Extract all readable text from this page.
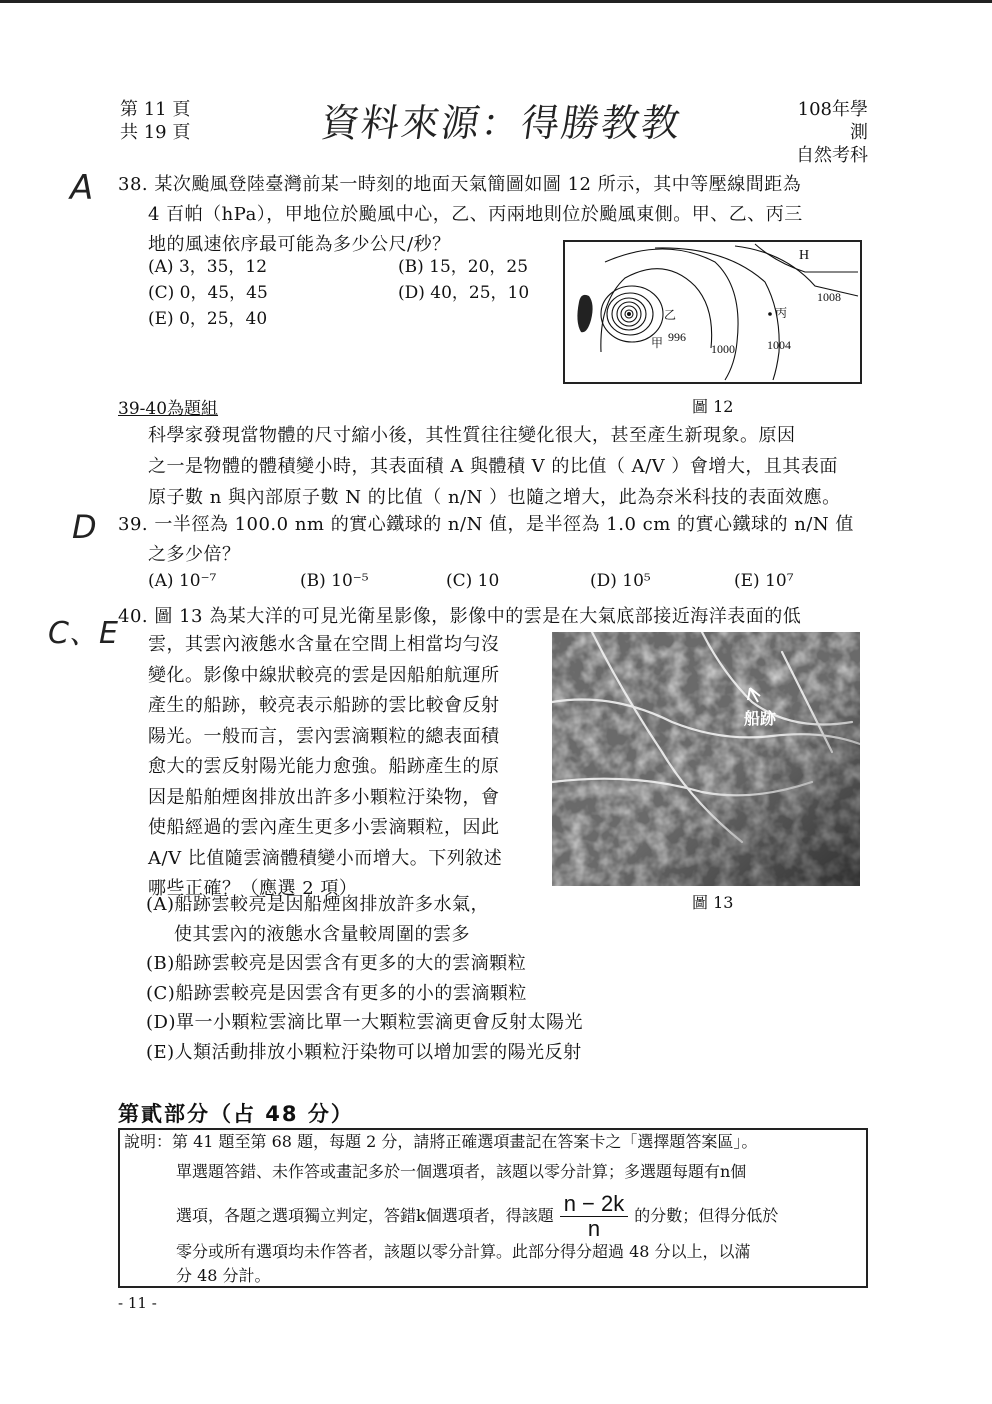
第 11 頁
共 19 頁	資料來源：得勝教教	108年學測
自然考科
A
D
C、E
38. 某次颱風登陸臺灣前某一時刻的地面天氣簡圖如圖 12 所示，其中等壓線間距為
4 百帕（hPa），甲地位於颱風中心，乙、丙兩地則位於颱風東側。甲、乙、丙三
地的風速依序最可能為多少公尺/秒？
(A) 3，35，12	(B) 15，20，25
(C) 0，45，45	(D) 40，25，10
(E) 0，25，40
H
1008
1004
1000
996
甲
乙	丙
圖 12
39-40為題組
科學家發現當物體的尺寸縮小後，其性質往往變化很大，甚至產生新現象。原因
之一是物體的體積變小時，其表面積 A 與體積 V 的比值（ A/V ）會增大，且其表面
原子數 n 與內部原子數 N 的比值（ n/N ）也隨之增大，此為奈米科技的表面效應。
39. 一半徑為 100.0 nm 的實心鐵球的 n/N 值，是半徑為 1.0 cm 的實心鐵球的 n/N 值
之多少倍？
(A) 10⁻⁷	(B) 10⁻⁵	(C) 10	(D) 10⁵	(E) 10⁷
40. 圖 13 為某大洋的可見光衛星影像，影像中的雲是在大氣底部接近海洋表面的低
雲，其雲內液態水含量在空間上相當均勻沒
變化。影像中線狀較亮的雲是因船舶航運所
產生的船跡，較亮表示船跡的雲比較會反射
陽光。一般而言，雲內雲滴顆粒的總表面積
愈大的雲反射陽光能力愈強。船跡產生的原
因是船舶煙囪排放出許多小顆粒汙染物，會
使船經過的雲內產生更多小雲滴顆粒，因此
A/V 比值隨雲滴體積變小而增大。下列敘述
哪些正確？（應選 2 項）
船跡
圖 13
(A)船跡雲較亮是因船煙囪排放許多水氣，
使其雲內的液態水含量較周圍的雲多
(B)船跡雲較亮是因雲含有更多的大的雲滴顆粒
(C)船跡雲較亮是因雲含有更多的小的雲滴顆粒
(D)單一小顆粒雲滴比單一大顆粒雲滴更會反射太陽光
(E)人類活動排放小顆粒汙染物可以增加雲的陽光反射
第貳部分（占 48 分）
說明：第 41 題至第 68 題，每題 2 分，請將正確選項畫記在答案卡之「選擇題答案區」。
單選題答錯、未作答或畫記多於一個選項者，該題以零分計算；多選題每題有n個
選項，各題之選項獨立判定，答錯k個選項者，得該題 $\frac{n - 2k}{n}$ 的分數；但得分低於
零分或所有選項均未作答者，該題以零分計算。此部分得分超過 48 分以上，以滿
分 48 分計。
- 11 -
